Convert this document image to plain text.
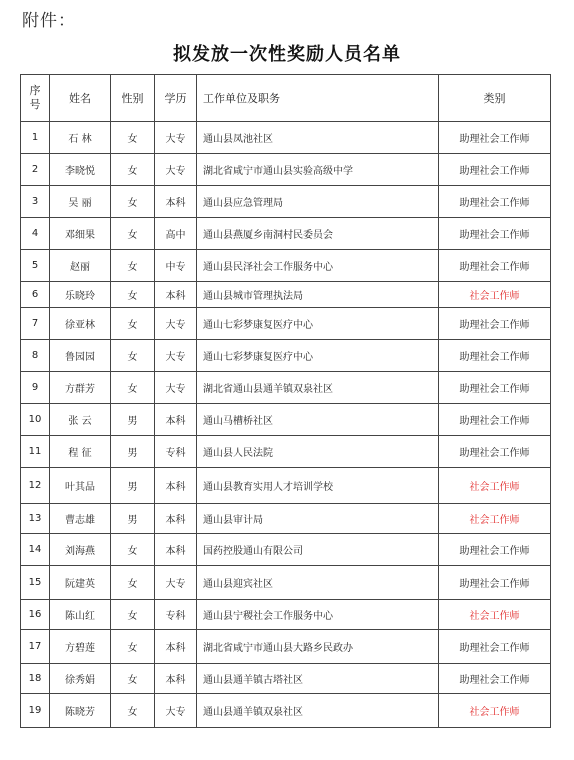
附件：
拟发放一次性奖励人员名单
序
号	姓名	性别	学历	工作单位及职务	类别
1	石 林	女	大专	通山县凤池社区	助理社会工作师
2	李晓悦	女	大专	湖北省咸宁市通山县实验高级中学	助理社会工作师
3	吴 丽	女	本科	通山县应急管理局	助理社会工作师
4	邓细果	女	高中	通山县燕厦乡南洞村民委员会	助理社会工作师
5	赵丽	女	中专	通山县民泽社会工作服务中心	助理社会工作师
6	乐晓玲	女	本科	通山县城市管理执法局	社会工作师
7	徐亚林	女	大专	通山七彩梦康复医疗中心	助理社会工作师
8	鲁园园	女	大专	通山七彩梦康复医疗中心	助理社会工作师
9	方群芳	女	大专	湖北省通山县通羊镇双泉社区	助理社会工作师
10	张 云	男	本科	通山马槽桥社区	助理社会工作师
11	程 征	男	专科	通山县人民法院	助理社会工作师
12	叶其品	男	本科	通山县教育实用人才培训学校	社会工作师
13	曹志雄	男	本科	通山县审计局	社会工作师
14	刘海燕	女	本科	国药控股通山有限公司	助理社会工作师
15	阮建英	女	大专	通山县迎宾社区	助理社会工作师
16	陈山红	女	专科	通山县宁稷社会工作服务中心	社会工作师
17	方碧莲	女	本科	湖北省咸宁市通山县大路乡民政办	助理社会工作师
18	徐秀娟	女	本科	通山县通羊镇古塔社区	助理社会工作师
19	陈晓芳	女	大专	通山县通羊镇双泉社区	社会工作师
